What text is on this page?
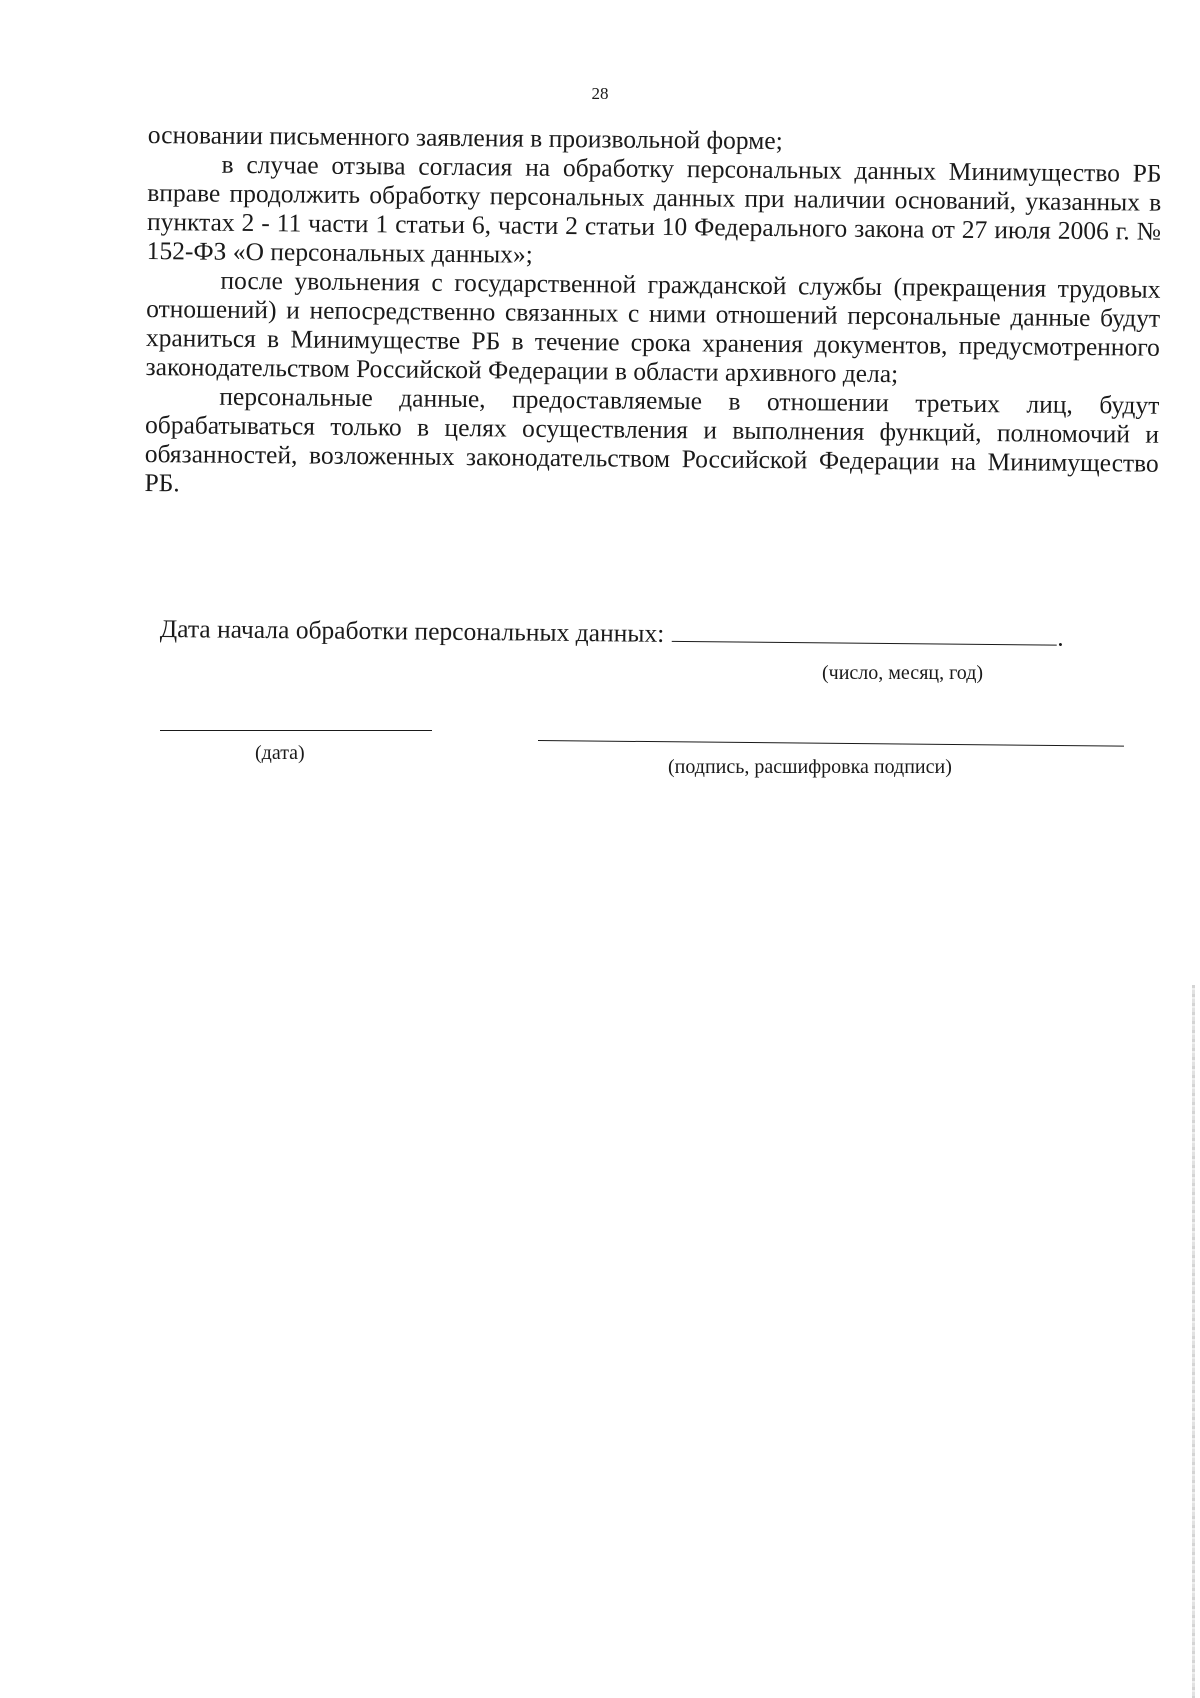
28

основании письменного заявления в произвольной форме;

в случае отзыва согласия на обработку персональных данных Минимущество РБ вправе продолжить обработку персональных данных при наличии оснований, указанных в пунктах 2 - 11 части 1 статьи 6, части 2 статьи 10 Федерального закона от 27 июля 2006 г. № 152-ФЗ «О персональных данных»;

после увольнения с государственной гражданской службы (прекращения трудовых отношений) и непосредственно связанных с ними отношений персональные данные будут храниться в Минимуществе РБ в течение срока хранения документов, предусмотренного законодательством Российской Федерации в области архивного дела;

персональные данные, предоставляемые в отношении третьих лиц, будут обрабатываться только в целях осуществления и выполнения функций, полномочий и обязанностей, возложенных законодательством Российской Федерации на Минимущество РБ.

Дата начала обработки персональных данных:	.
(число, месяц, год)
(дата)
(подпись, расшифровка подписи)
